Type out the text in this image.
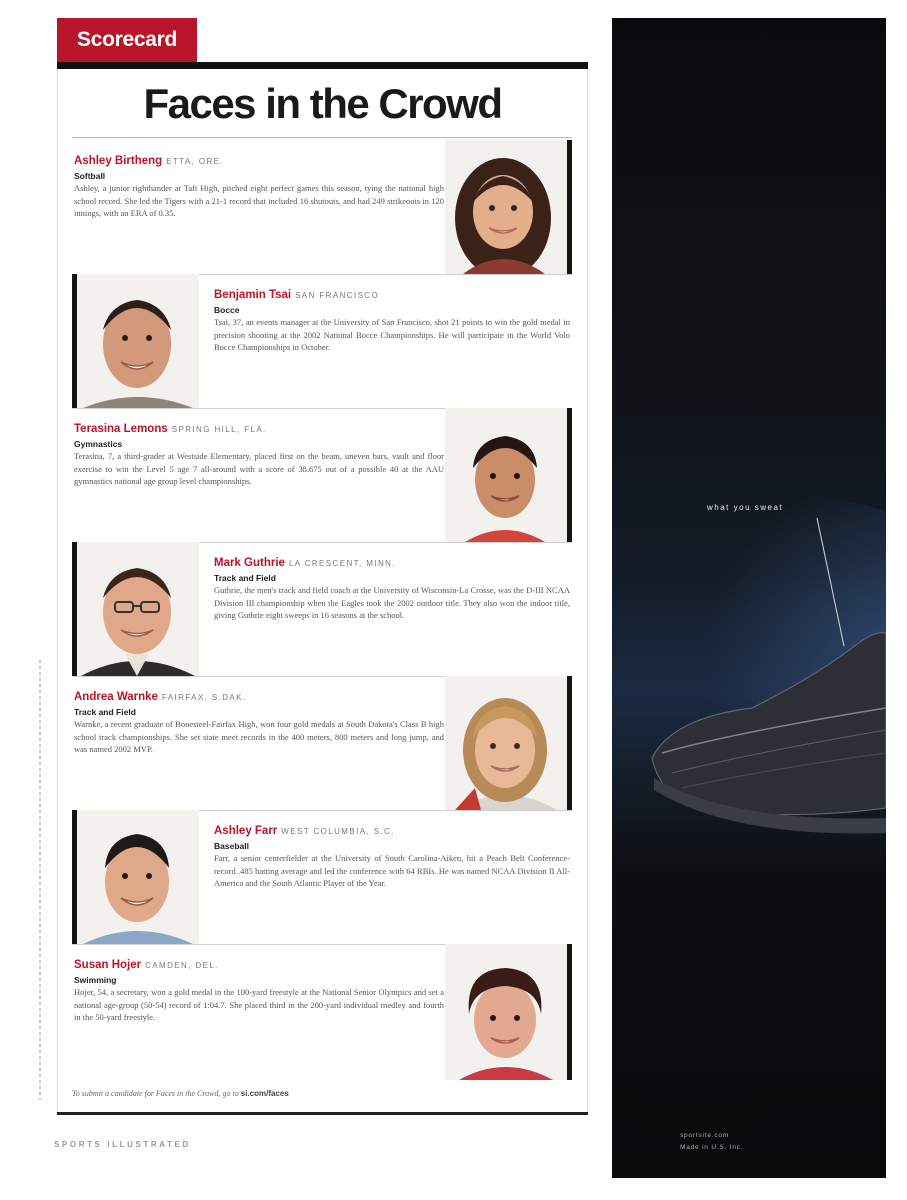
Scorecard
Faces in the Crowd
Ashley Birtheng ETTA, ORE.
Softball
Ashley, a junior righthander at Taft High, pitched eight perfect games this season, tying the national high school record. She led the Tigers with a 21-1 record that included 16 shutouts, and had 249 strikeouts in 120 innings, with an ERA of 0.35.
Benjamin Tsai SAN FRANCISCO
Bocce
Tsai, 37, an events manager at the University of San Francisco, shot 21 points to win the gold medal in precision shooting at the 2002 National Bocce Championships. He will participate in the World Volo Bocce Championships in October.
Terasina Lemons SPRING HILL, FLA.
Gymnastics
Terasina, 7, a third-grader at Westside Elementary, placed first on the beam, uneven bars, vault and floor exercise to win the Level 5 age 7 all-around with a score of 38.675 out of a possible 40 at the AAU gymnastics national age group level championships.
Mark Guthrie LA CRESCENT, MINN.
Track and Field
Guthrie, the men's track and field coach at the University of Wisconsin-La Crosse, was the D-III NCAA Division III championship when the Eagles took the 2002 outdoor title. They also won the indoor title, giving Guthrie eight sweeps in 16 seasons at the school.
Andrea Warnke FAIRFAX, S.DAK.
Track and Field
Warnke, a recent graduate of Bonesteel-Fairfax High, won four gold medals at South Dakota's Class B high school track championships. She set state meet records in the 400 meters, 800 meters and long jump, and was named 2002 MVP.
Ashley Farr WEST COLUMBIA, S.C.
Baseball
Farr, a senior centerfielder at the University of South Carolina-Aiken, hit a Peach Belt Conference-record .485 batting average and led the conference with 64 RBIs. He was named NCAA Division II All-America and the South Atlantic Player of the Year.
Susan Hojer CAMDEN, DEL.
Swimming
Hojer, 54, a secretary, won a gold medal in the 100-yard freestyle at the National Senior Olympics and set a national age-group (50-54) record of 1:04.7. She placed third in the 200-yard individual medley and fourth in the 50-yard freestyle.
To submit a candidate for Faces in the Crowd, go to si.com/faces
SPORTS ILLUSTRATED
what you sweat
sportsite.com
Made in U.S. Inc.
